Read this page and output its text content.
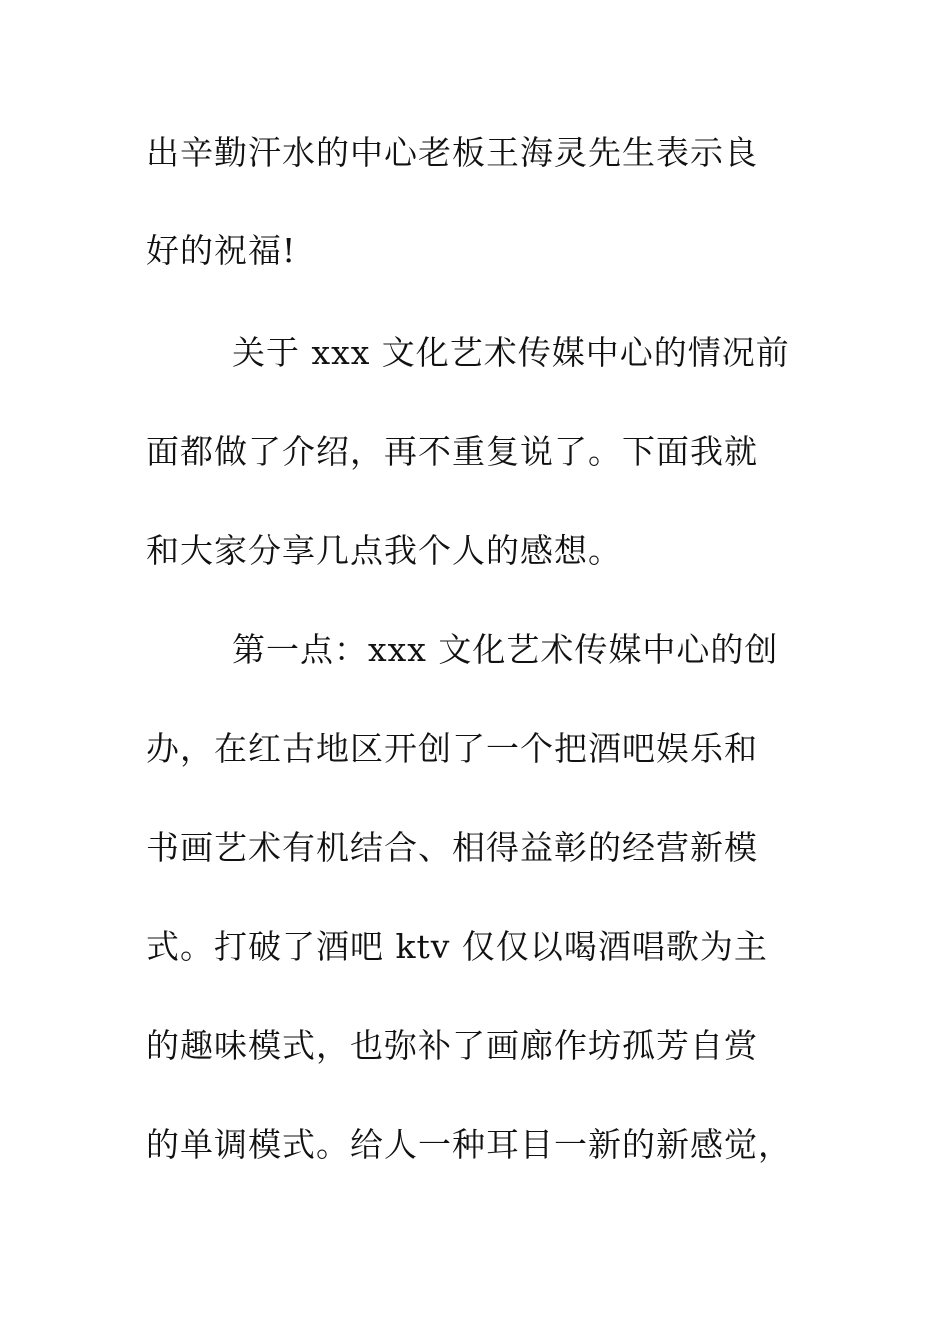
出辛勤汗水的中心老板王海灵先生表示良
好的祝福!
关于 xxx 文化艺术传媒中心的情况前
面都做了介绍，再不重复说了。下面我就
和大家分享几点我个人的感想。
第一点：xxx 文化艺术传媒中心的创
办，在红古地区开创了一个把酒吧娱乐和
书画艺术有机结合、相得益彰的经营新模
式。打破了酒吧 ktv 仅仅以喝酒唱歌为主
的趣味模式，也弥补了画廊作坊孤芳自赏
的单调模式。给人一种耳目一新的新感觉，
